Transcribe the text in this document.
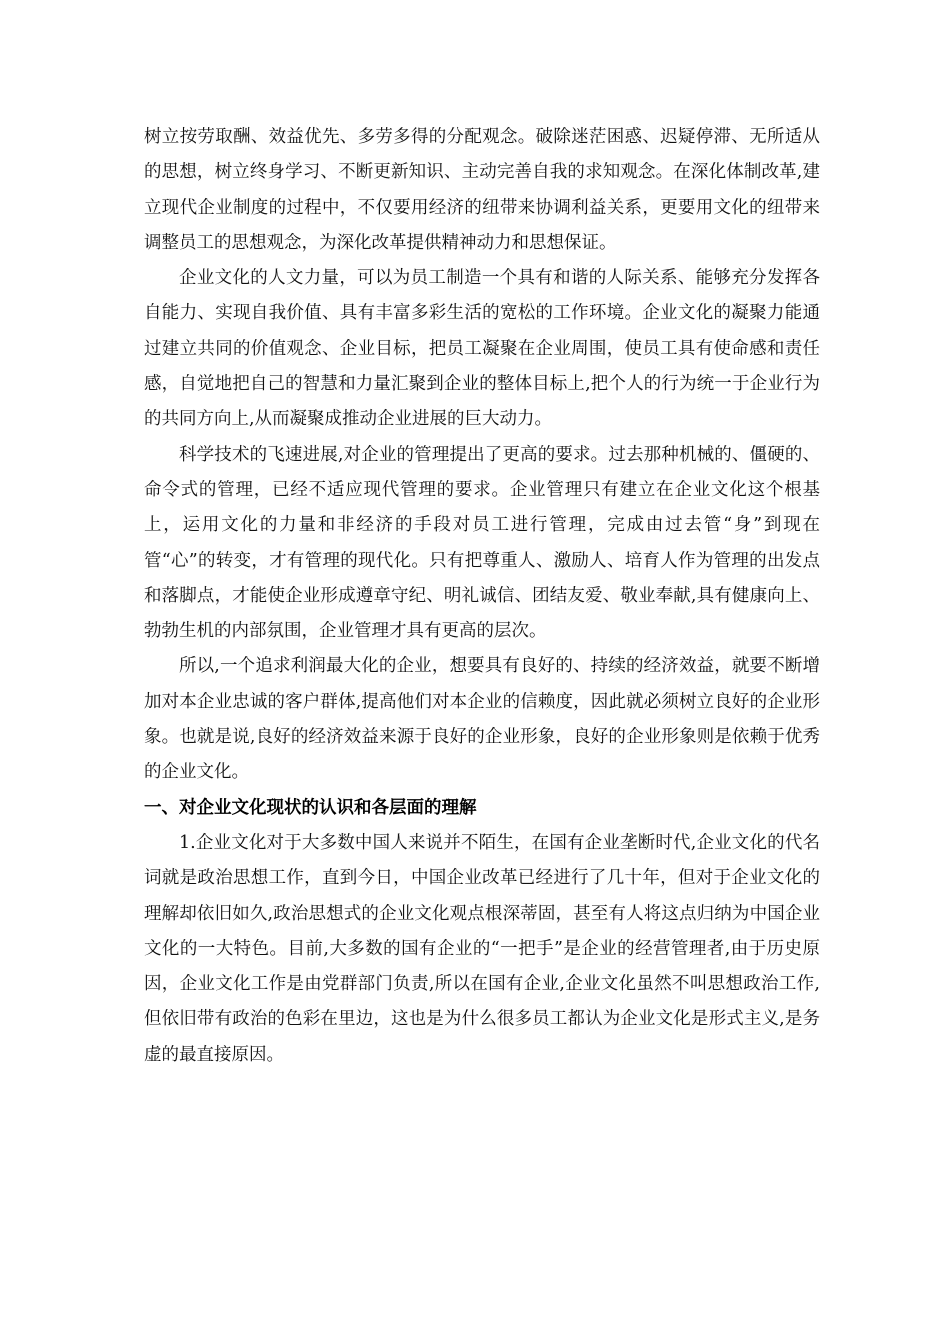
树立按劳取酬、效益优先、多劳多得的分配观念。破除迷茫困惑、迟疑停滞、无所适从的思想，树立终身学习、不断更新知识、主动完善自我的求知观念。在深化体制改革,建立现代企业制度的过程中，不仅要用经济的纽带来协调利益关系，更要用文化的纽带来调整员工的思想观念，为深化改革提供精神动力和思想保证。

企业文化的人文力量，可以为员工制造一个具有和谐的人际关系、能够充分发挥各自能力、实现自我价值、具有丰富多彩生活的宽松的工作环境。企业文化的凝聚力能通过建立共同的价值观念、企业目标，把员工凝聚在企业周围，使员工具有使命感和责任感，自觉地把自己的智慧和力量汇聚到企业的整体目标上,把个人的行为统一于企业行为的共同方向上,从而凝聚成推动企业进展的巨大动力。

科学技术的飞速进展,对企业的管理提出了更高的要求。过去那种机械的、僵硬的、命令式的管理，已经不适应现代管理的要求。企业管理只有建立在企业文化这个根基上，运用文化的力量和非经济的手段对员工进行管理，完成由过去管“身”到现在管“心”的转变，才有管理的现代化。只有把尊重人、激励人、培育人作为管理的出发点和落脚点，才能使企业形成遵章守纪、明礼诚信、团结友爱、敬业奉献,具有健康向上、勃勃生机的内部氛围，企业管理才具有更高的层次。

所以,一个追求利润最大化的企业，想要具有良好的、持续的经济效益，就要不断增加对本企业忠诚的客户群体,提高他们对本企业的信赖度，因此就必须树立良好的企业形象。也就是说,良好的经济效益来源于良好的企业形象，良好的企业形象则是依赖于优秀的企业文化。

一、对企业文化现状的认识和各层面的理解

1.企业文化对于大多数中国人来说并不陌生，在国有企业垄断时代,企业文化的代名词就是政治思想工作，直到今日，中国企业改革已经进行了几十年，但对于企业文化的理解却依旧如久,政治思想式的企业文化观点根深蒂固，甚至有人将这点归纳为中国企业文化的一大特色。目前,大多数的国有企业的“一把手”是企业的经营管理者,由于历史原因，企业文化工作是由党群部门负责,所以在国有企业,企业文化虽然不叫思想政治工作,但依旧带有政治的色彩在里边，这也是为什么很多员工都认为企业文化是形式主义,是务虚的最直接原因。
